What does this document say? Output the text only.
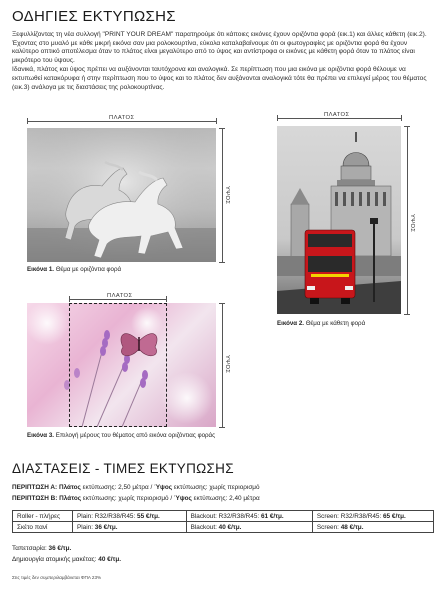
ΟΔΗΓΙΕΣ ΕΚΤΥΠΩΣΗΣ

Ξεφυλλίζοντας τη νέα συλλογή "PRINT YOUR DREAM" παρατηρούμε ότι κάποιες εικόνες έχουν οριζόντια φορά (εικ.1) και άλλες κάθετη (εικ.2). Έχοντας στο μυαλό με κάθε μικρή εικόνα σαν μια ρολοκουρτίνα, εύκολα καταλαβαίνουμε ότι οι φωτογραφίες με οριζόντια φορά θα έχουν καλύτερο οπτικό αποτέλεσμα όταν το πλάτος είναι μεγαλύτερο από το ύψος και αντίστροφα οι εικόνες με κάθετη φορά όταν το πλάτος είναι μικρότερο του ύψους.

Ιδανικά, πλάτος και ύψος πρέπει να αυξάνονται ταυτόχρονα και αναλογικά. Σε περίπτωση που μια εικόνα με οριζόντια φορά θέλουμε να εκτυπωθεί κατακόρυφα ή στην περίπτωση που το ύψος και το πλάτος δεν αυξάνονται αναλογικά τότε θα πρέπει να επιλεγεί μέρος του θέματος (εικ.3) ανάλογα με τις διαστάσεις της ρολοκουρτίνας.

ΠΛΑΤΟΣ
ΥΨΟΣ
Εικόνα 1. Θέμα με οριζόντια φορά
ΠΛΑΤΟΣ
ΥΨΟΣ
Εικόνα 2. Θέμα με κάθετη φορά
ΠΛΑΤΟΣ
ΥΨΟΣ
Εικόνα 3. Επιλογή μέρους του θέματος από εικόνα οριζόντιας φοράς
ΔΙΑΣΤΑΣΕΙΣ - ΤΙΜΕΣ ΕΚΤΥΠΩΣΗΣ
ΠΕΡΙΠΤΩΣΗ Α: Πλάτος εκτύπωσης: 2,50 μέτρα / Ύψος εκτύπωσης: χωρίς περιορισμό
ΠΕΡΙΠΤΩΣΗ Β: Πλάτος εκτύπωσης: χωρίς περιορισμό / Ύψος εκτύπωσης: 2,40 μέτρα
Roller - πλήρες	Plain: R32/R38/R45: 55 €/τμ.	Blackout: R32/R38/R45: 61 €/τμ.	Screen: R32/R38/R45: 65 €/τμ.
Σκέτο πανί	Plain: 36 €/τμ.	Blackout: 40 €/τμ.	Screen: 48 €/τμ.
Ταπετσαρία: 36 €/τμ.
Δημιουργία ατομικής μακέτας: 40 €/τμ.
Στις τιμές δεν συμπεριλαμβάνεται ΦΠΑ 23%
